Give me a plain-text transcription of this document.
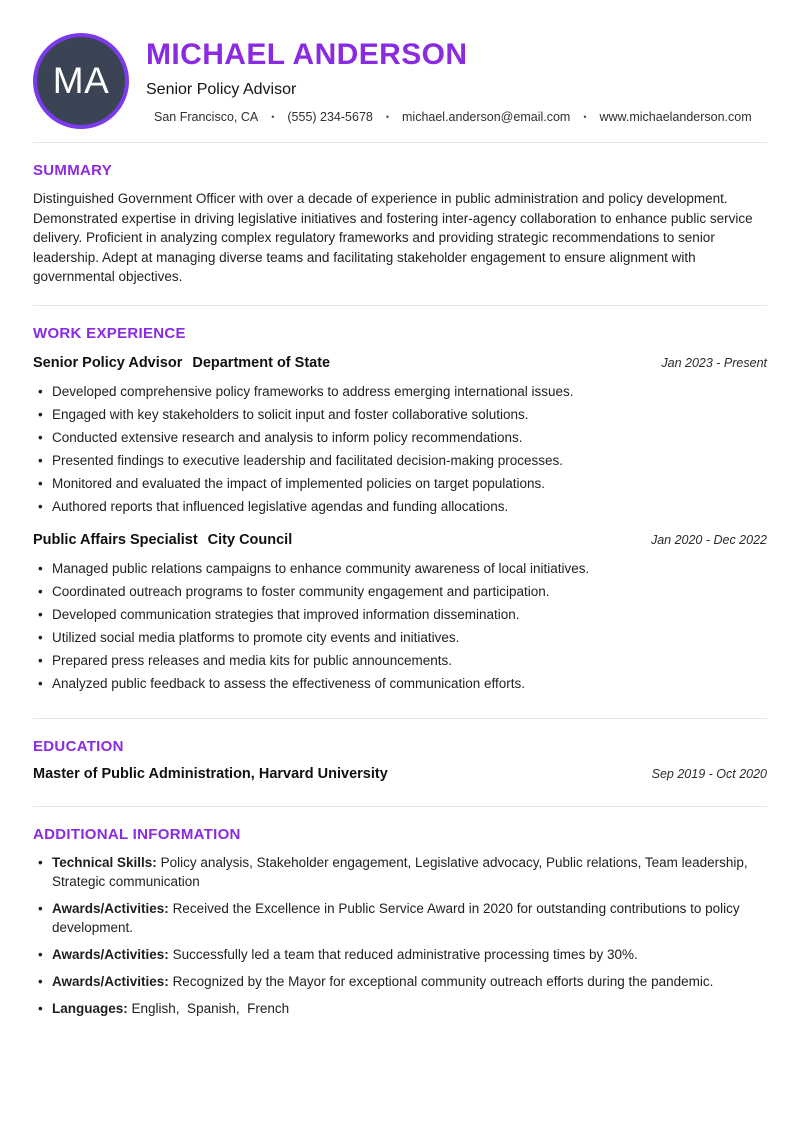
MA
MICHAEL ANDERSON
Senior Policy Advisor
San Francisco, CA • (555) 234-5678 • michael.anderson@email.com • www.michaelanderson.com
SUMMARY

Distinguished Government Officer with over a decade of experience in public administration and policy development. Demonstrated expertise in driving legislative initiatives and fostering inter-agency collaboration to enhance public service delivery. Proficient in analyzing complex regulatory frameworks and providing strategic recommendations to senior leadership. Adept at managing diverse teams and facilitating stakeholder engagement to ensure alignment with governmental objectives.

WORK EXPERIENCE
Senior Policy Advisor Department of State	Jan 2023 - Present
• Developed comprehensive policy frameworks to address emerging international issues.
• Engaged with key stakeholders to solicit input and foster collaborative solutions.
• Conducted extensive research and analysis to inform policy recommendations.
• Presented findings to executive leadership and facilitated decision-making processes.
• Monitored and evaluated the impact of implemented policies on target populations.
• Authored reports that influenced legislative agendas and funding allocations.
Public Affairs Specialist City Council	Jan 2020 - Dec 2022
• Managed public relations campaigns to enhance community awareness of local initiatives.
• Coordinated outreach programs to foster community engagement and participation.
• Developed communication strategies that improved information dissemination.
• Utilized social media platforms to promote city events and initiatives.
• Prepared press releases and media kits for public announcements.
• Analyzed public feedback to assess the effectiveness of communication efforts.
EDUCATION
Master of Public Administration, Harvard University	Sep 2019 - Oct 2020
ADDITIONAL INFORMATION
• Technical Skills: Policy analysis, Stakeholder engagement, Legislative advocacy, Public relations, Team leadership, Strategic communication
• Awards/Activities: Received the Excellence in Public Service Award in 2020 for outstanding contributions to policy development.
• Awards/Activities: Successfully led a team that reduced administrative processing times by 30%.
• Awards/Activities: Recognized by the Mayor for exceptional community outreach efforts during the pandemic.
• Languages: English,  Spanish,  French
